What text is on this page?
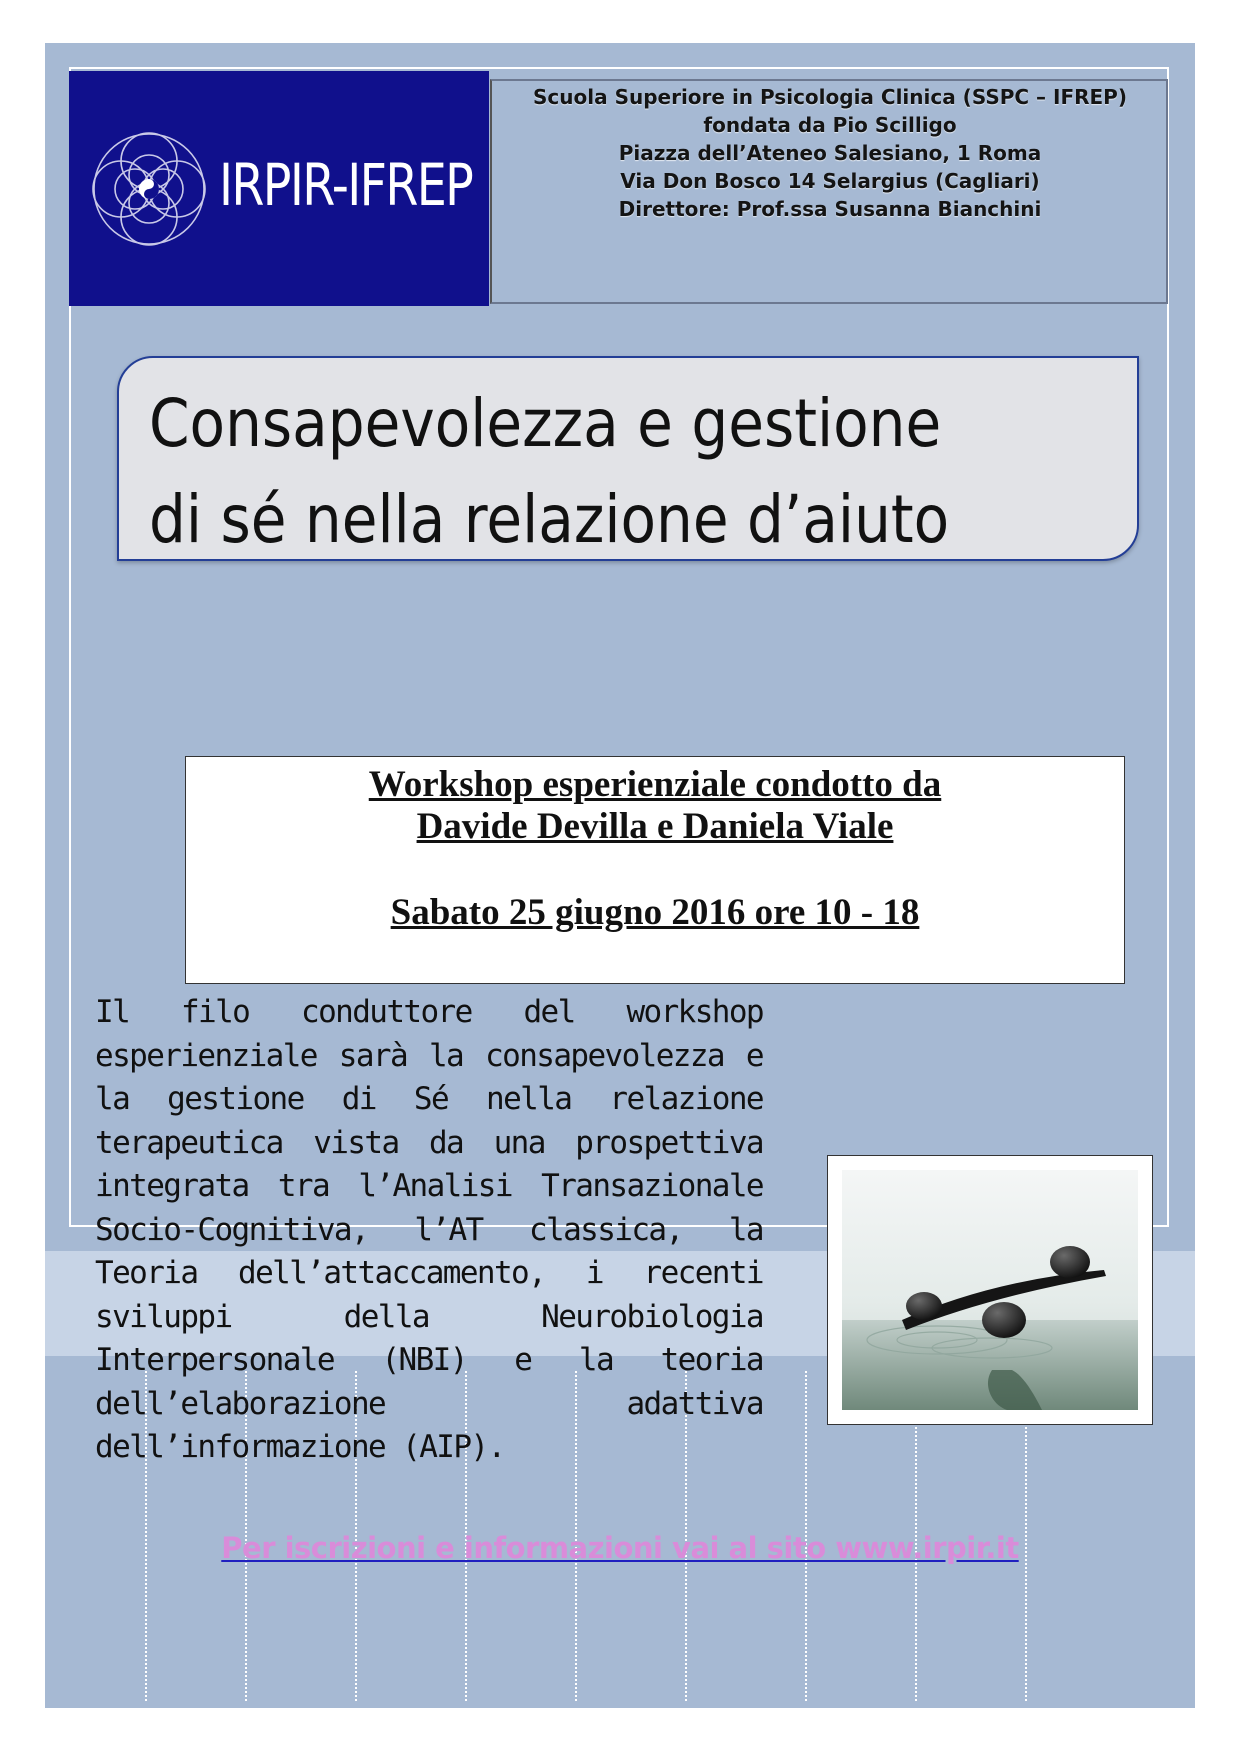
IRPIR-IFREP
Scuola Superiore in Psicologia Clinica (SSPC – IFREP)
fondata da Pio Scilligo
Piazza dell’Ateneo Salesiano, 1 Roma
Via Don Bosco 14 Selargius (Cagliari)
Direttore: Prof.ssa Susanna Bianchini
Consapevolezza e gestione
di sé nella relazione d’aiuto
Workshop esperienziale condotto da
Davide Devilla e Daniela Viale
Sabato 25 giugno 2016 ore 10 - 18

Il filo conduttore del workshop esperienziale sarà la consapevolezza e la gestione di Sé nella relazione terapeutica vista da una prospettiva integrata tra l’Analisi Transazionale Socio-Cognitiva, l’AT classica, la Teoria dell’attaccamento, i recenti sviluppi della Neurobiologia Interpersonale (NBI) e la teoria dell’elaborazione adattiva dell’informazione (AIP).

Per iscrizioni e informazioni vai al sito www.irpir.it
